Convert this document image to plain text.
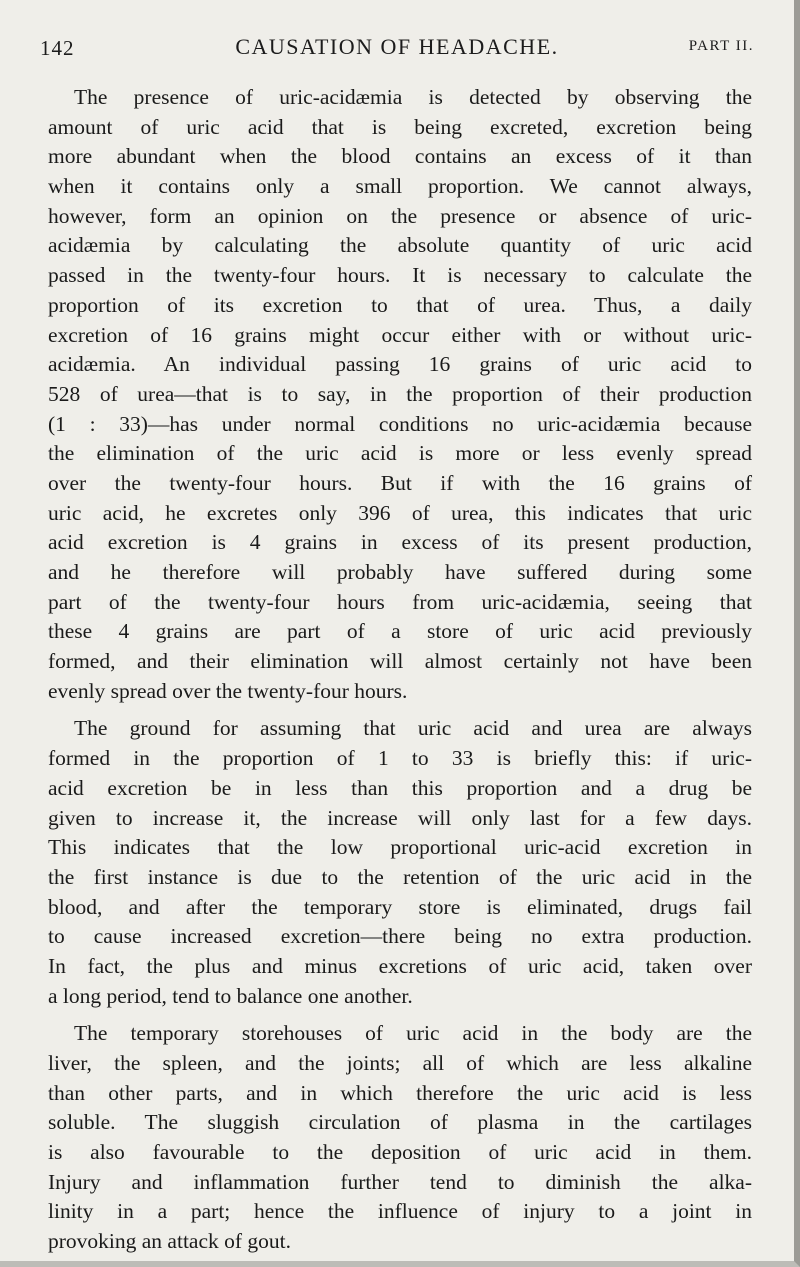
142	CAUSATION OF HEADACHE.	PART II.
The presence of uric-acidæmia is detected by observing the
amount of uric acid that is being excreted, excretion being
more abundant when the blood contains an excess of it than
when it contains only a small proportion. We cannot always,
however, form an opinion on the presence or absence of uric-
acidæmia by calculating the absolute quantity of uric acid
passed in the twenty-four hours. It is necessary to calculate the
proportion of its excretion to that of urea. Thus, a daily
excretion of 16 grains might occur either with or without uric-
acidæmia. An individual passing 16 grains of uric acid to
528 of urea—that is to say, in the proportion of their production
(1 : 33)—has under normal conditions no uric-acidæmia because
the elimination of the uric acid is more or less evenly spread
over the twenty-four hours. But if with the 16 grains of
uric acid, he excretes only 396 of urea, this indicates that uric
acid excretion is 4 grains in excess of its present production,
and he therefore will probably have suffered during some
part of the twenty-four hours from uric-acidæmia, seeing that
these 4 grains are part of a store of uric acid previously
formed, and their elimination will almost certainly not have been
evenly spread over the twenty-four hours.
The ground for assuming that uric acid and urea are always
formed in the proportion of 1 to 33 is briefly this: if uric-
acid excretion be in less than this proportion and a drug be
given to increase it, the increase will only last for a few days.
This indicates that the low proportional uric-acid excretion in
the first instance is due to the retention of the uric acid in the
blood, and after the temporary store is eliminated, drugs fail
to cause increased excretion—there being no extra production.
In fact, the plus and minus excretions of uric acid, taken over
a long period, tend to balance one another.
The temporary storehouses of uric acid in the body are the
liver, the spleen, and the joints; all of which are less alkaline
than other parts, and in which therefore the uric acid is less
soluble. The sluggish circulation of plasma in the cartilages
is also favourable to the deposition of uric acid in them.
Injury and inflammation further tend to diminish the alka-
linity in a part; hence the influence of injury to a joint in
provoking an attack of gout.
